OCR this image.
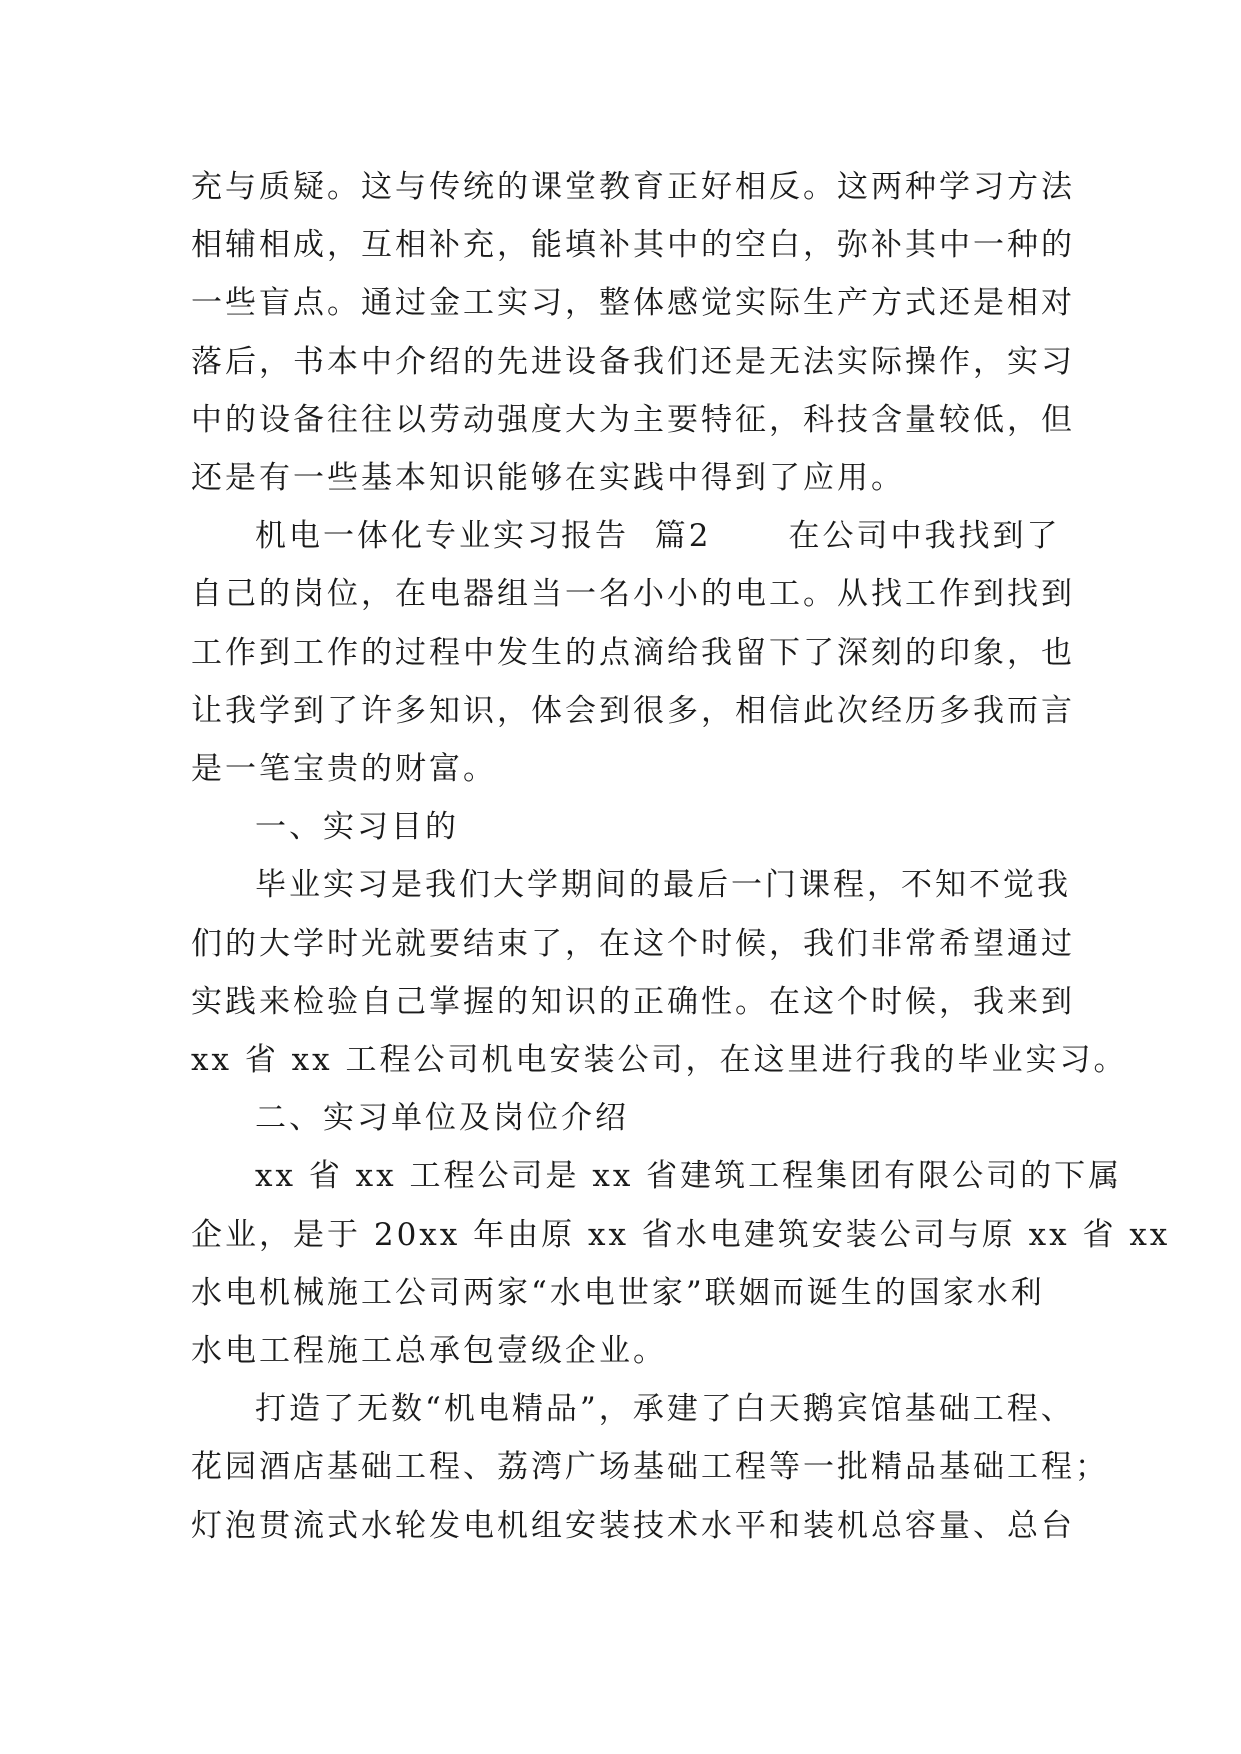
充与质疑。这与传统的课堂教育正好相反。这两种学习方法
相辅相成，互相补充，能填补其中的空白，弥补其中一种的
一些盲点。通过金工实习，整体感觉实际生产方式还是相对
落后，书本中介绍的先进设备我们还是无法实际操作，实习
中的设备往往以劳动强度大为主要特征，科技含量较低，但
还是有一些基本知识能够在实践中得到了应用。
机电一体化专业实习报告  篇2      在公司中我找到了
自己的岗位，在电器组当一名小小的电工。从找工作到找到
工作到工作的过程中发生的点滴给我留下了深刻的印象，也
让我学到了许多知识，体会到很多，相信此次经历多我而言
是一笔宝贵的财富。
一、实习目的
毕业实习是我们大学期间的最后一门课程，不知不觉我
们的大学时光就要结束了，在这个时候，我们非常希望通过
实践来检验自己掌握的知识的正确性。在这个时候，我来到
xx 省 xx 工程公司机电安装公司，在这里进行我的毕业实习。
二、实习单位及岗位介绍
xx 省 xx 工程公司是 xx 省建筑工程集团有限公司的下属
企业，是于 20xx 年由原 xx 省水电建筑安装公司与原 xx 省 xx
水电机械施工公司两家“水电世家”联姻而诞生的国家水利
水电工程施工总承包壹级企业。
打造了无数“机电精品”，承建了白天鹅宾馆基础工程、
花园酒店基础工程、荔湾广场基础工程等一批精品基础工程；
灯泡贯流式水轮发电机组安装技术水平和装机总容量、总台
